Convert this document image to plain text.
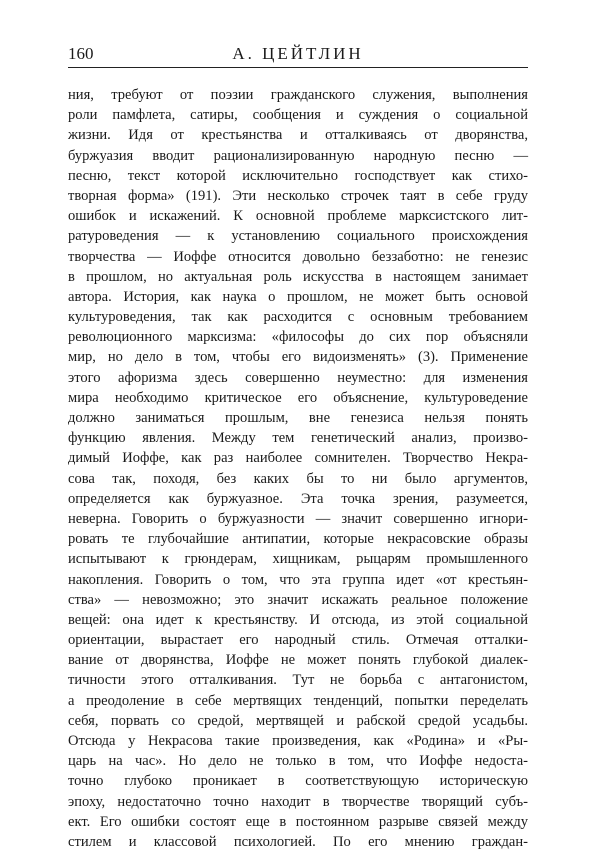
160	А. ЦЕЙТЛИН
ния, требуют от поэзии гражданского служения, выполнения
роли памфлета, сатиры, сообщения и суждения о социальной
жизни. Идя от крестьянства и отталкиваясь от дворянства,
буржуазия вводит рационализированную народную песню —
песню, текст которой исключительно господствует как стихо-
творная форма» (191). Эти несколько строчек таят в себе груду
ошибок и искажений. К основной проблеме марксистского лит-
ратуроведения — к установлению социального происхождения
творчества — Иоффе относится довольно беззаботно: не генезис
в прошлом, но актуальная роль искусства в настоящем занимает
автора. История, как наука о прошлом, не может быть основой
культуроведения, так как расходится с основным требованием
революционного марксизма: «философы до сих пор объясняли
мир, но дело в том, чтобы его видоизменять» (3). Применение
этого афоризма здесь совершенно неуместно: для изменения
мира необходимо критическое его объяснение, культуроведение
должно заниматься прошлым, вне генезиса нельзя понять
функцию явления. Между тем генетический анализ, произво-
димый Иоффе, как раз наиболее сомнителен. Творчество Некра-
сова так, походя, без каких бы то ни было аргументов,
определяется как буржуазное. Эта точка зрения, разумеется,
неверна. Говорить о буржуазности — значит совершенно игнори-
ровать те глубочайшие антипатии, которые некрасовские образы
испытывают к грюндерам, хищникам, рыцарям промышленного
накопления. Говорить о том, что эта группа идет «от крестьян-
ства» — невозможно; это значит искажать реальное положение
вещей: она идет к крестьянству. И отсюда, из этой социальной
ориентации, вырастает его народный стиль. Отмечая отталки-
вание от дворянства, Иоффе не может понять глубокой диалек-
тичности этого отталкивания. Тут не борьба с антагонистом,
а преодоление в себе мертвящих тенденций, попытки переделать
себя, порвать со средой, мертвящей и рабской средой усадьбы.
Отсюда у Некрасова такие произведения, как «Родина» и «Ры-
царь на час». Но дело не только в том, что Иоффе недоста-
точно глубоко проникает в соответствующую историческую
эпоху, недостаточно точно находит в творчестве творящий субъ-
ект. Его ошибки состоят еще в постоянном разрыве связей между
стилем и классовой психологией. По его мнению граждан-
